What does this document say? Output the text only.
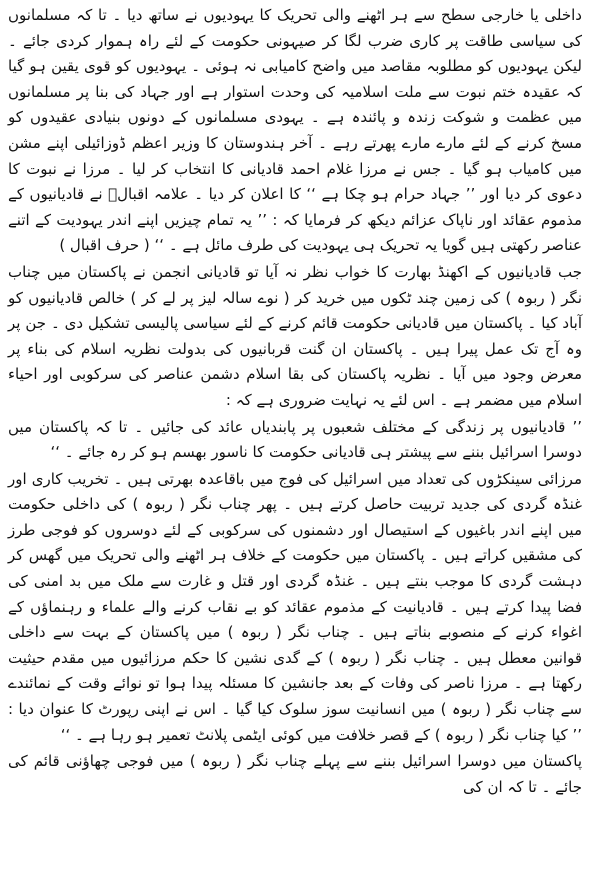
داخلی یا خارجی سطح سے ہر اٹھنے والی تحریک کا یہودیوں نے ساتھ دیا ۔ تا کہ مسلمانوں کی سیاسی طاقت پر کاری ضرب لگا کر صیہونی حکومت کے لئے راہ ہموار کردی جائے ۔ لیکن یہودیوں کو مطلوبہ مقاصد میں واضح کامیابی نہ ہوئی ۔ یہودیوں کو قوی یقین ہو گیا کہ عقیدہ ختم نبوت سے ملت اسلامیہ کی وحدت استوار ہے اور جہاد کی بنا پر مسلمانوں میں عظمت و شوکت زندہ و پائندہ ہے ۔ یہودی مسلمانوں کے دونوں بنیادی عقیدوں کو مسخ کرنے کے لئے مارے مارے پھرتے رہے ۔ آخر ہندوستان کا وزیر اعظم ڈوزائیلی اپنے مشن میں کامیاب ہو گیا ۔ جس نے مرزا غلام احمد قادیانی کا انتخاب کر لیا ۔ مرزا نے نبوت کا دعوی کر دیا اور ’’ جہاد حرام ہو چکا ہے ‘‘ کا اعلان کر دیا ۔ علامہ اقبالؒ نے قادیانیوں کے مذموم عقائد اور ناپاک عزائم دیکھ کر فرمایا کہ : ’’ یہ تمام چیزیں اپنے اندر یہودیت کے اتنے عناصر رکھتی ہیں گویا یہ تحریک ہی یہودیت کی طرف مائل ہے ۔ ‘‘ ( حرف اقبال )

جب قادیانیوں کے اکھنڈ بھارت کا خواب نظر نہ آیا تو قادیانی انجمن نے پاکستان میں چناب نگر ( ربوہ ) کی زمین چند ٹکوں میں خرید کر ( نوے سالہ لیز پر لے کر ) خالص قادیانیوں کو آباد کیا ۔ پاکستان میں قادیانی حکومت قائم کرنے کے لئے سیاسی پالیسی تشکیل دی ۔ جن پر وہ آج تک عمل پیرا ہیں ۔ پاکستان ان گنت قربانیوں کی بدولت نظریہ اسلام کی بناء پر معرض وجود میں آیا ۔ نظریہ پاکستان کی بقا اسلام دشمن عناصر کی سرکوبی اور احیاء اسلام میں مضمر ہے ۔ اس لئے یہ نہایت ضروری ہے کہ :

’’ قادیانیوں پر زندگی کے مختلف شعبوں پر پابندیاں عائد کی جائیں ۔ تا کہ پاکستان میں دوسرا اسرائیل بننے سے پیشتر ہی قادیانی حکومت کا ناسور بھسم ہو کر رہ جائے ۔ ‘‘

مرزائی سینکڑوں کی تعداد میں اسرائیل کی فوج میں باقاعدہ بھرتی ہیں ۔ تخریب کاری اور غنڈہ گردی کی جدید تربیت حاصل کرتے ہیں ۔ پھر چناب نگر ( ربوہ ) کی داخلی حکومت میں اپنے اندر باغیوں کے استیصال اور دشمنوں کی سرکوبی کے لئے دوسروں کو فوجی طرز کی مشقیں کراتے ہیں ۔ پاکستان میں حکومت کے خلاف ہر اٹھنے والی تحریک میں گھس کر دہشت گردی کا موجب بنتے ہیں ۔ غنڈہ گردی اور قتل و غارت سے ملک میں بد امنی کی فضا پیدا کرتے ہیں ۔ قادیانیت کے مذموم عقائد کو بے نقاب کرنے والے علماء و رہنماؤں کے اغواء کرنے کے منصوبے بناتے ہیں ۔ چناب نگر ( ربوہ ) میں پاکستان کے بہت سے داخلی قوانین معطل ہیں ۔ چناب نگر ( ربوہ ) کے گدی نشین کا حکم مرزائیوں میں مقدم حیثیت رکھتا ہے ۔ مرزا ناصر کی وفات کے بعد جانشین کا مسئلہ پیدا ہوا تو نوائے وقت کے نمائندے سے چناب نگر ( ربوہ ) میں انسانیت سوز سلوک کیا گیا ۔ اس نے اپنی رپورٹ کا عنوان دیا : ’’ کیا چناب نگر ( ربوہ ) کے قصر خلافت میں کوئی ایٹمی پلانٹ تعمیر ہو رہا ہے ۔ ‘‘

پاکستان میں دوسرا اسرائیل بننے سے پہلے چناب نگر ( ربوہ ) میں فوجی چھاؤنی قائم کی جائے ۔ تا کہ ان کی
